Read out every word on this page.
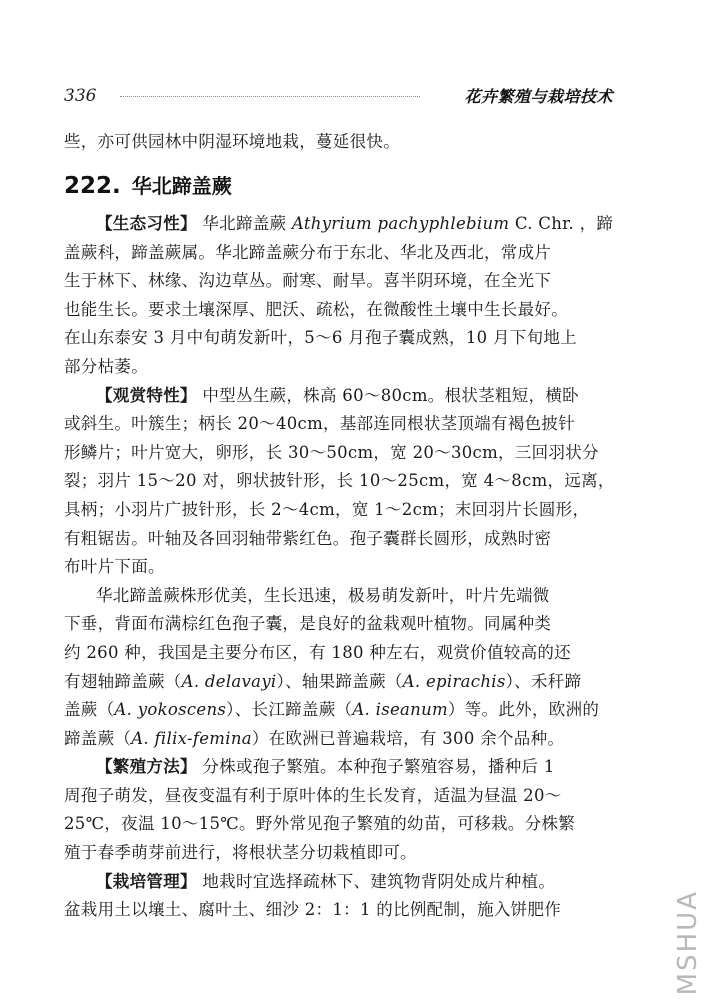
336	花卉繁殖与栽培技术
些，亦可供园林中阴湿环境地栽，蔓延很快。
222. 华北蹄盖蕨
【生态习性】 华北蹄盖蕨 Athyrium pachyphlebium C. Chr. ，蹄
盖蕨科，蹄盖蕨属。华北蹄盖蕨分布于东北、华北及西北，常成片
生于林下、林缘、沟边草丛。耐寒、耐旱。喜半阴环境，在全光下
也能生长。要求土壤深厚、肥沃、疏松，在微酸性土壤中生长最好。
在山东泰安 3 月中旬萌发新叶，5～6 月孢子囊成熟，10 月下旬地上
部分枯萎。
【观赏特性】 中型丛生蕨，株高 60～80cm。根状茎粗短，横卧
或斜生。叶簇生；柄长 20～40cm，基部连同根状茎顶端有褐色披针
形鳞片；叶片宽大，卵形，长 30～50cm，宽 20～30cm，三回羽状分
裂；羽片 15～20 对，卵状披针形，长 10～25cm，宽 4～8cm，远离，
具柄；小羽片广披针形，长 2～4cm，宽 1～2cm；末回羽片长圆形，
有粗锯齿。叶轴及各回羽轴带紫红色。孢子囊群长圆形，成熟时密
布叶片下面。
华北蹄盖蕨株形优美，生长迅速，极易萌发新叶，叶片先端微
下垂，背面布满棕红色孢子囊，是良好的盆栽观叶植物。同属种类
约 260 种，我国是主要分布区，有 180 种左右，观赏价值较高的还
有翅轴蹄盖蕨（A. delavayi）、轴果蹄盖蕨（A. epirachis）、禾秆蹄
盖蕨（A. yokoscens）、长江蹄盖蕨（A. iseanum）等。此外，欧洲的
蹄盖蕨（A. filix-femina）在欧洲已普遍栽培，有 300 余个品种。
【繁殖方法】 分株或孢子繁殖。本种孢子繁殖容易，播种后 1
周孢子萌发，昼夜变温有利于原叶体的生长发育，适温为昼温 20～
25℃，夜温 10～15℃。野外常见孢子繁殖的幼苗，可移栽。分株繁
殖于春季萌芽前进行，将根状茎分切栽植即可。
【栽培管理】 地栽时宜选择疏林下、建筑物背阴处成片种植。
盆栽用土以壤土、腐叶土、细沙 2：1：1 的比例配制，施入饼肥作	MSHUA
